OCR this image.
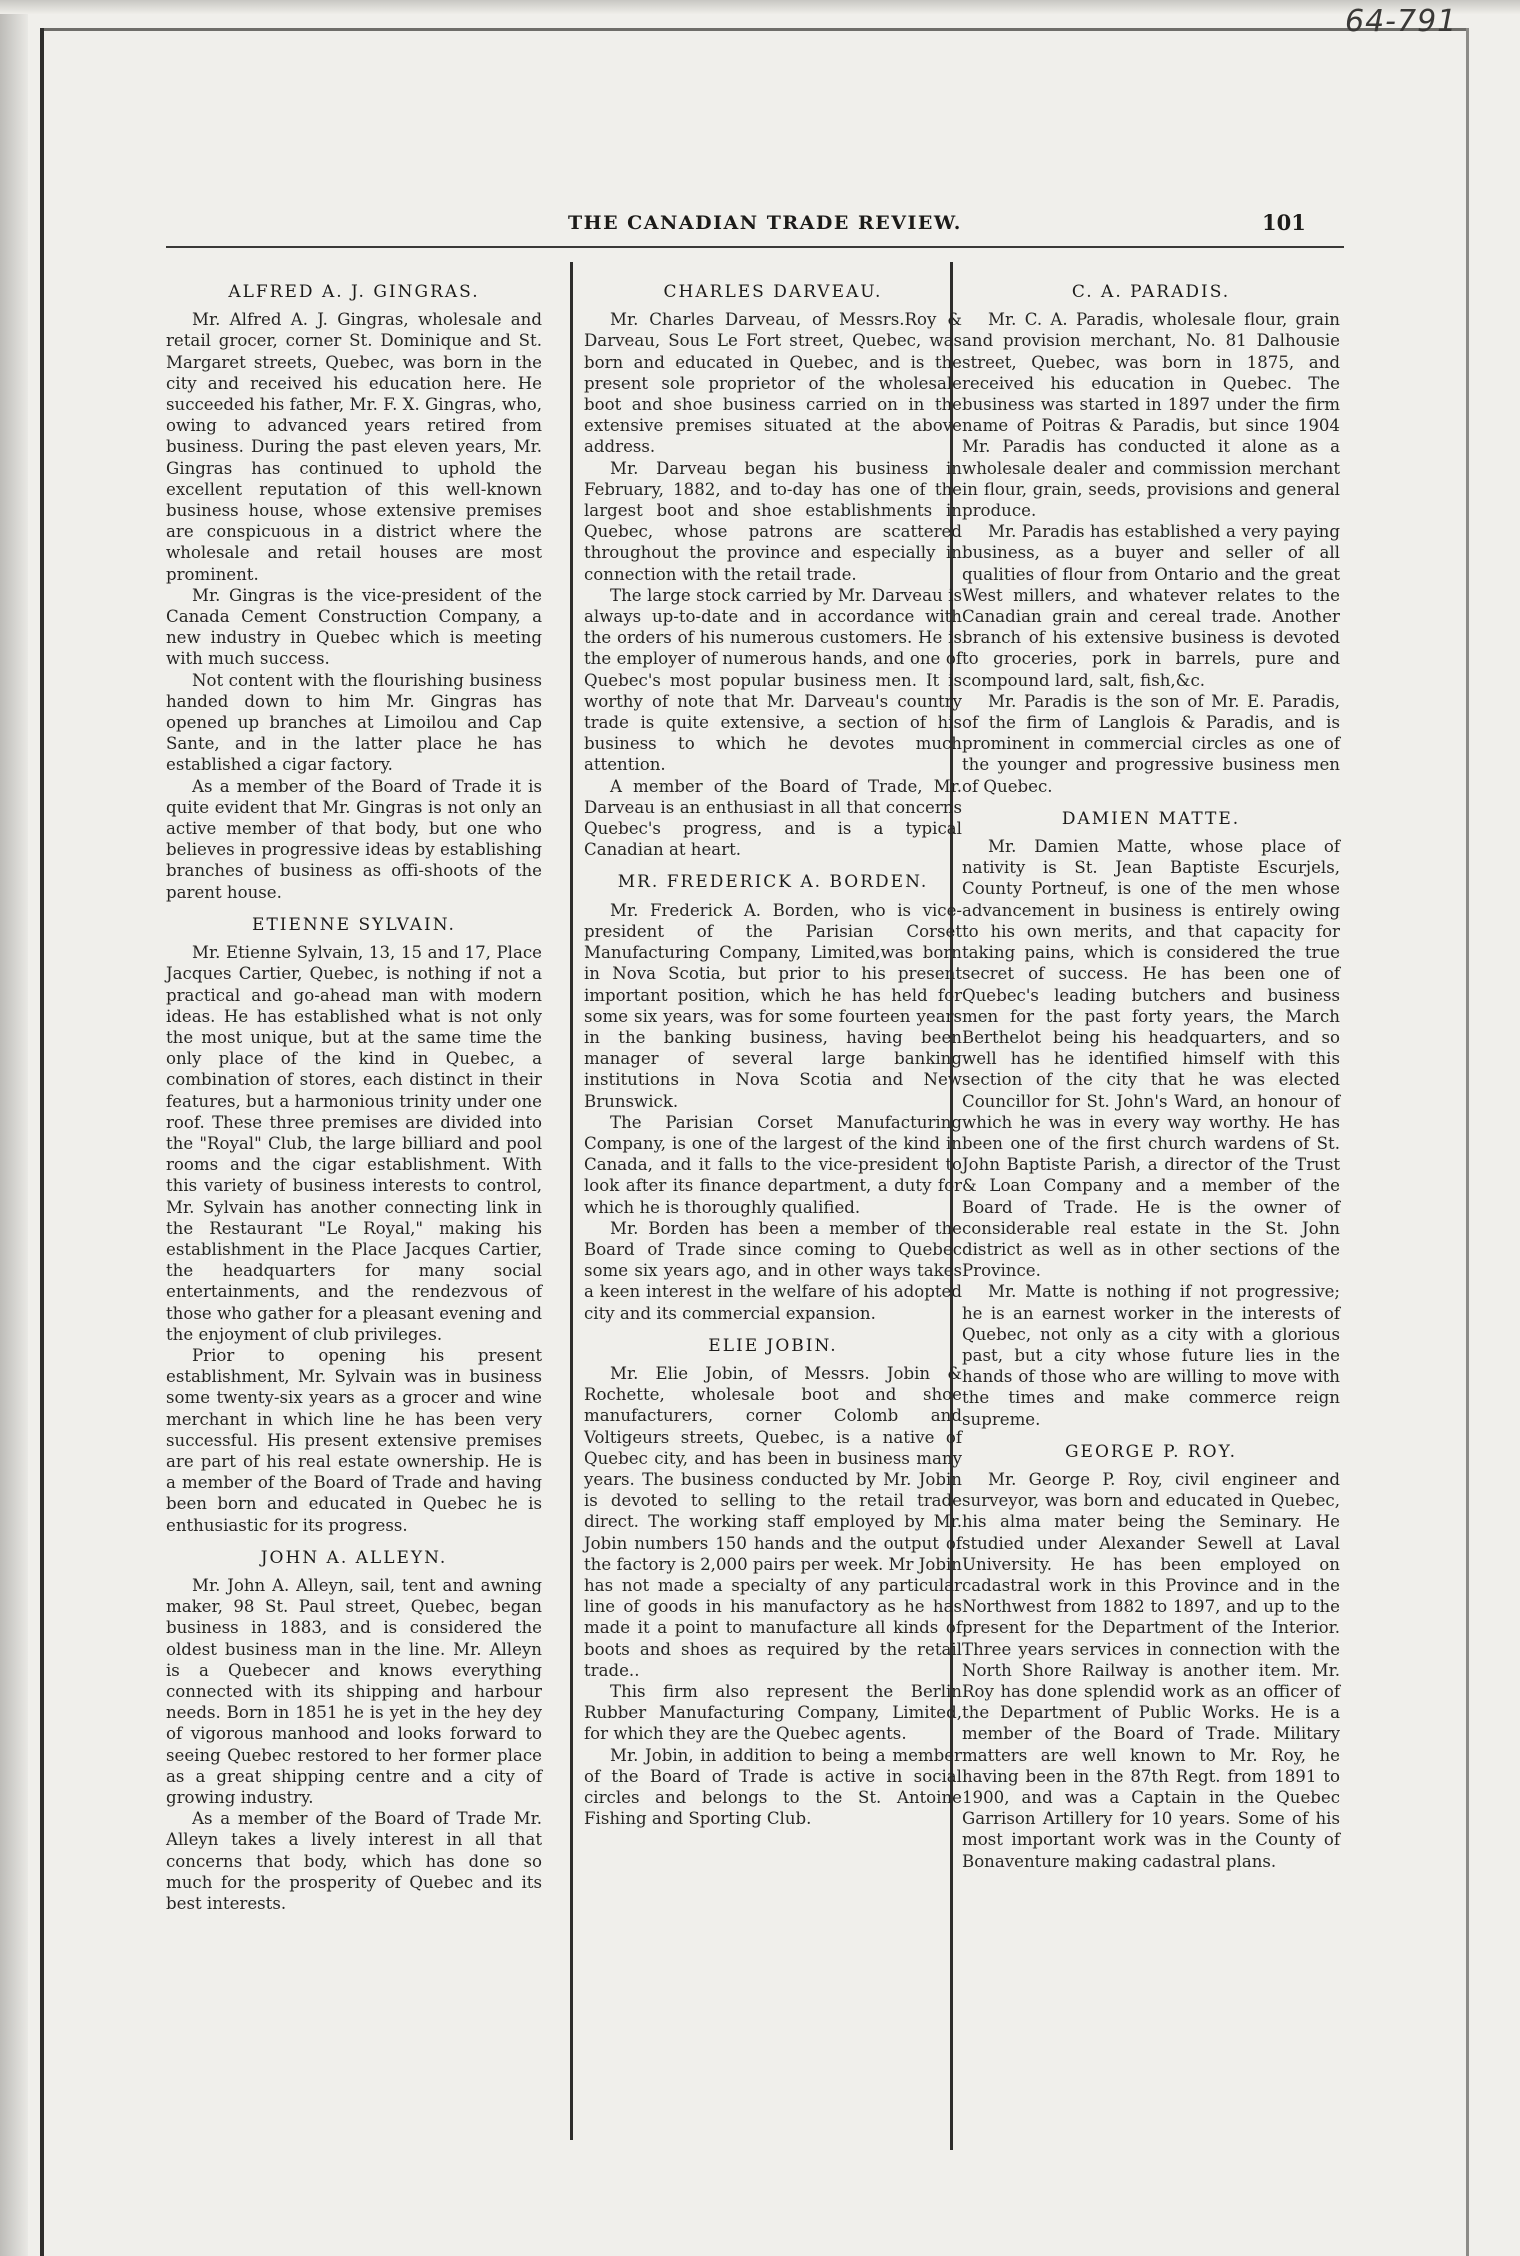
64-791
THE CANADIAN TRADE REVIEW.	101
ALFRED A. J. GINGRAS.

Mr. Alfred A. J. Gingras, wholesale and retail grocer, corner St. Dominique and St. Margaret streets, Quebec, was born in the city and received his education here. He succeeded his father, Mr. F. X. Gingras, who, owing to advanced years retired from business. During the past eleven years, Mr. Gingras has continued to uphold the excellent reputation of this well-known business house, whose extensive premises are conspicuous in a district where the wholesale and retail houses are most prominent.

Mr. Gingras is the vice-president of the Canada Cement Construction Company, a new industry in Quebec which is meeting with much success.

Not content with the flourishing business handed down to him Mr. Gingras has opened up branches at Limoilou and Cap Sante, and in the latter place he has established a cigar factory.

As a member of the Board of Trade it is quite evident that Mr. Gingras is not only an active member of that body, but one who believes in progressive ideas by establishing branches of business as offi-shoots of the parent house.

ETIENNE SYLVAIN.

Mr. Etienne Sylvain, 13, 15 and 17, Place Jacques Cartier, Quebec, is nothing if not a practical and go-ahead man with modern ideas. He has established what is not only the most unique, but at the same time the only place of the kind in Quebec, a combination of stores, each distinct in their features, but a harmonious trinity under one roof. These three premises are divided into the "Royal" Club, the large billiard and pool rooms and the cigar establishment. With this variety of business interests to control, Mr. Sylvain has another connecting link in the Restaurant "Le Royal," making his establishment in the Place Jacques Cartier, the headquarters for many social entertainments, and the rendezvous of those who gather for a pleasant evening and the enjoyment of club privileges.

Prior to opening his present establishment, Mr. Sylvain was in business some twenty-six years as a grocer and wine merchant in which line he has been very successful. His present extensive premises are part of his real estate ownership. He is a member of the Board of Trade and having been born and educated in Quebec he is enthusiastic for its progress.

JOHN A. ALLEYN.

Mr. John A. Alleyn, sail, tent and awning maker, 98 St. Paul street, Quebec, began business in 1883, and is considered the oldest business man in the line. Mr. Alleyn is a Quebecer and knows everything connected with its shipping and harbour needs. Born in 1851 he is yet in the hey dey of vigorous manhood and looks forward to seeing Quebec restored to her former place as a great shipping centre and a city of growing industry.

As a member of the Board of Trade Mr. Alleyn takes a lively interest in all that concerns that body, which has done so much for the prosperity of Quebec and its best interests.

CHARLES DARVEAU.

Mr. Charles Darveau, of Messrs.Roy & Darveau, Sous Le Fort street, Quebec, was born and educated in Quebec, and is the present sole proprietor of the wholesale boot and shoe business carried on in the extensive premises situated at the above address.

Mr. Darveau began his business in February, 1882, and to-day has one of the largest boot and shoe establishments in Quebec, whose patrons are scattered throughout the province and especially in connection with the retail trade.

The large stock carried by Mr. Darveau is always up-to-date and in accordance with the orders of his numerous customers. He is the employer of numerous hands, and one of Quebec's most popular business men. It is worthy of note that Mr. Darveau's country trade is quite extensive, a section of his business to which he devotes much attention.

A member of the Board of Trade, Mr. Darveau is an enthusiast in all that concerns Quebec's progress, and is a typical Canadian at heart.

MR. FREDERICK A. BORDEN.

Mr. Frederick A. Borden, who is vice-president of the Parisian Corset Manufacturing Company, Limited,was born in Nova Scotia, but prior to his present important position, which he has held for some six years, was for some fourteen years in the banking business, having been manager of several large banking institutions in Nova Scotia and New Brunswick.

The Parisian Corset Manufacturing Company, is one of the largest of the kind in Canada, and it falls to the vice-president to look after its finance department, a duty for which he is thoroughly qualified.

Mr. Borden has been a member of the Board of Trade since coming to Quebec some six years ago, and in other ways takes a keen interest in the welfare of his adopted city and its commercial expansion.

ELIE JOBIN.

Mr. Elie Jobin, of Messrs. Jobin & Rochette, wholesale boot and shoe manufacturers, corner Colomb and Voltigeurs streets, Quebec, is a native of Quebec city, and has been in business many years. The business conducted by Mr. Jobin is devoted to selling to the retail trade direct. The working staff employed by Mr. Jobin numbers 150 hands and the output of the factory is 2,000 pairs per week. Mr Jobin has not made a specialty of any particular line of goods in his manufactory as he has made it a point to manufacture all kinds of boots and shoes as required by the retail trade..

This firm also represent the Berlin Rubber Manufacturing Company, Limited, for which they are the Quebec agents.

Mr. Jobin, in addition to being a member of the Board of Trade is active in social circles and belongs to the St. Antoine Fishing and Sporting Club.

C. A. PARADIS.

Mr. C. A. Paradis, wholesale flour, grain and provision merchant, No. 81 Dalhousie street, Quebec, was born in 1875, and received his education in Quebec. The business was started in 1897 under the firm name of Poitras & Paradis, but since 1904 Mr. Paradis has conducted it alone as a wholesale dealer and commission merchant in flour, grain, seeds, provisions and general produce.

Mr. Paradis has established a very paying business, as a buyer and seller of all qualities of flour from Ontario and the great West millers, and whatever relates to the Canadian grain and cereal trade. Another branch of his extensive business is devoted to groceries, pork in barrels, pure and compound lard, salt, fish,&c.

Mr. Paradis is the son of Mr. E. Paradis, of the firm of Langlois & Paradis, and is prominent in commercial circles as one of the younger and progressive business men of Quebec.

DAMIEN MATTE.

Mr. Damien Matte, whose place of nativity is St. Jean Baptiste Escurjels, County Portneuf, is one of the men whose advancement in business is entirely owing to his own merits, and that capacity for taking pains, which is considered the true secret of success. He has been one of Quebec's leading butchers and business men for the past forty years, the March Berthelot being his headquarters, and so well has he identified himself with this section of the city that he was elected Councillor for St. John's Ward, an honour of which he was in every way worthy. He has been one of the first church wardens of St. John Baptiste Parish, a director of the Trust & Loan Company and a member of the Board of Trade. He is the owner of considerable real estate in the St. John district as well as in other sections of the Province.

Mr. Matte is nothing if not progressive; he is an earnest worker in the interests of Quebec, not only as a city with a glorious past, but a city whose future lies in the hands of those who are willing to move with the times and make commerce reign supreme.

GEORGE P. ROY.

Mr. George P. Roy, civil engineer and surveyor, was born and educated in Quebec, his alma mater being the Seminary. He studied under Alexander Sewell at Laval University. He has been employed on cadastral work in this Province and in the Northwest from 1882 to 1897, and up to the present for the Department of the Interior. Three years services in connection with the North Shore Railway is another item. Mr. Roy has done splendid work as an officer of the Department of Public Works. He is a member of the Board of Trade. Military matters are well known to Mr. Roy, he having been in the 87th Regt. from 1891 to 1900, and was a Captain in the Quebec Garrison Artillery for 10 years. Some of his most important work was in the County of Bonaventure making cadastral plans.
